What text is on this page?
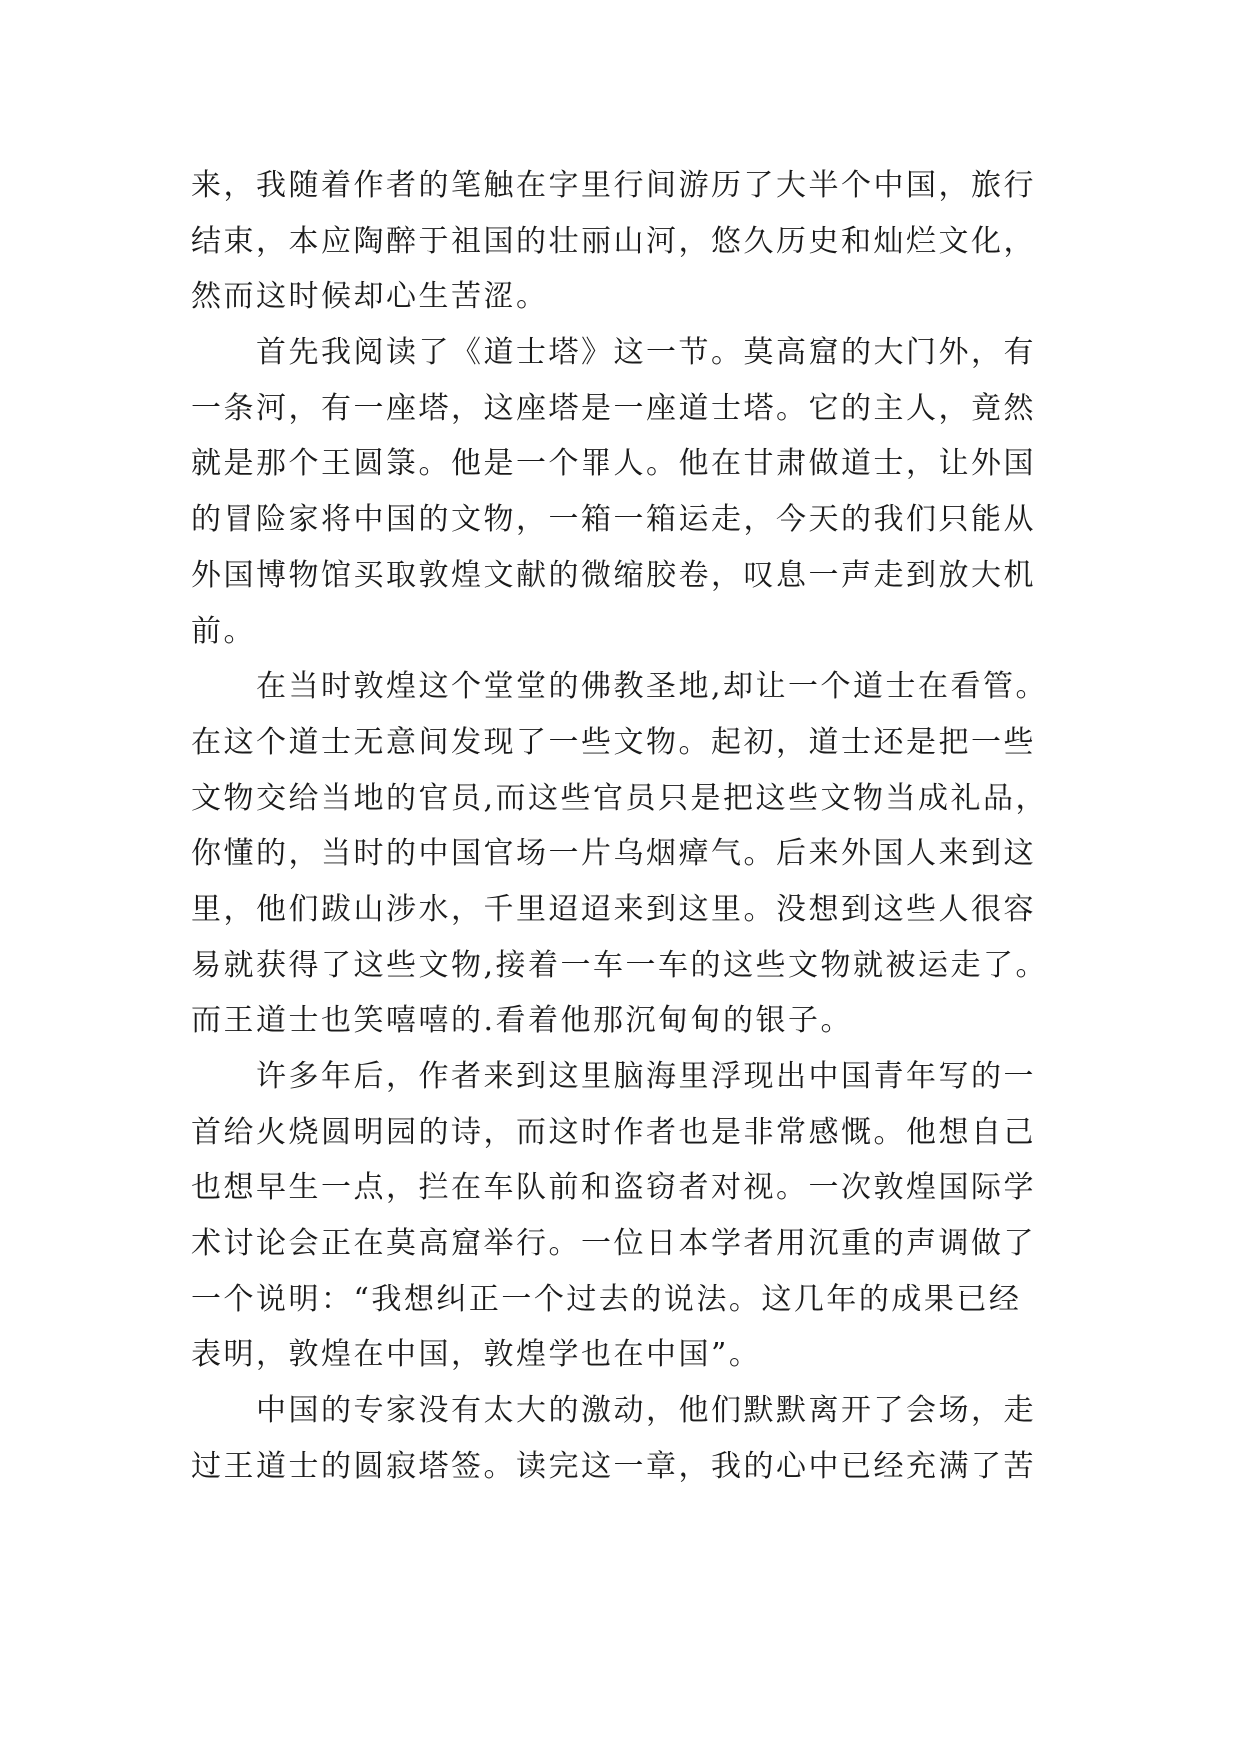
来，我随着作者的笔触在字里行间游历了大半个中国，旅行
结束，本应陶醉于祖国的壮丽山河，悠久历史和灿烂文化，
然而这时候却心生苦涩。
　　首先我阅读了《道士塔》这一节。莫高窟的大门外，有
一条河，有一座塔，这座塔是一座道士塔。它的主人，竟然
就是那个王圆箓。他是一个罪人。他在甘肃做道士，让外国
的冒险家将中国的文物，一箱一箱运走，今天的我们只能从
外国博物馆买取敦煌文献的微缩胶卷，叹息一声走到放大机
前。
　　在当时敦煌这个堂堂的佛教圣地,却让一个道士在看管。
在这个道士无意间发现了一些文物。起初，道士还是把一些
文物交给当地的官员,而这些官员只是把这些文物当成礼品，
你懂的，当时的中国官场一片乌烟瘴气。后来外国人来到这
里，他们跋山涉水，千里迢迢来到这里。没想到这些人很容
易就获得了这些文物,接着一车一车的这些文物就被运走了。
而王道士也笑嘻嘻的.看着他那沉甸甸的银子。
　　许多年后，作者来到这里脑海里浮现出中国青年写的一
首给火烧圆明园的诗，而这时作者也是非常感慨。他想自己
也想早生一点，拦在车队前和盗窃者对视。一次敦煌国际学
术讨论会正在莫高窟举行。一位日本学者用沉重的声调做了
一个说明：“我想纠正一个过去的说法。这几年的成果已经
表明，敦煌在中国，敦煌学也在中国”。
　　中国的专家没有太大的激动，他们默默离开了会场，走
过王道士的圆寂塔签。读完这一章，我的心中已经充满了苦
